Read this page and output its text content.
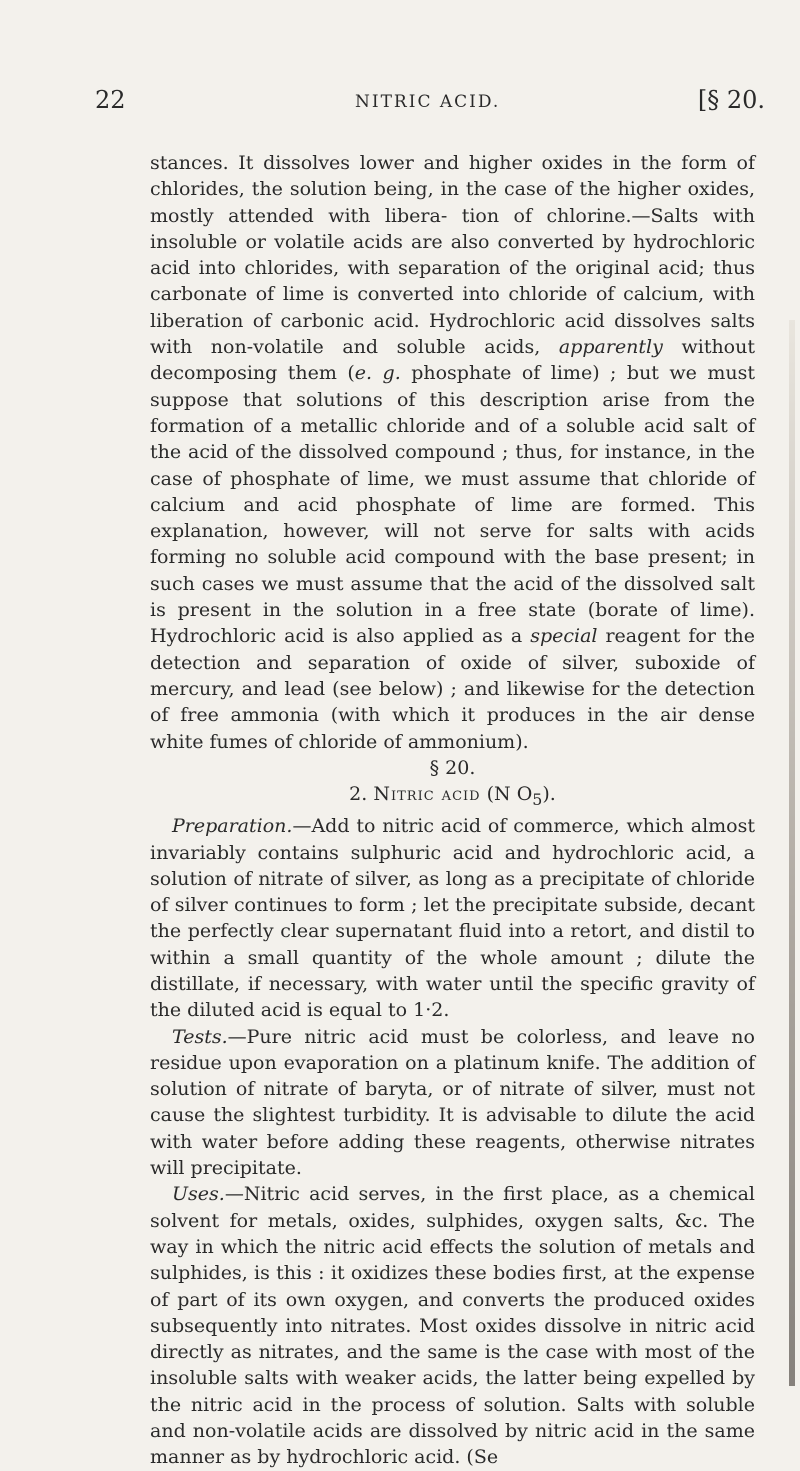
22	NITRIC ACID.	[§ 20.

stances. It dissolves lower and higher oxides in the form of chlorides, the solution being, in the case of the higher oxides, mostly attended with libera- tion of chlorine.—Salts with insoluble or volatile acids are also converted by hydrochloric acid into chlorides, with separation of the original acid; thus carbonate of lime is converted into chloride of calcium, with liberation of carbonic acid. Hydrochloric acid dissolves salts with non-volatile and soluble acids, apparently without decomposing them (e. g. phosphate of lime) ; but we must suppose that solutions of this description arise from the formation of a metallic chloride and of a soluble acid salt of the acid of the dissolved compound ; thus, for instance, in the case of phosphate of lime, we must assume that chloride of calcium and acid phosphate of lime are formed. This explanation, however, will not serve for salts with acids forming no soluble acid compound with the base present; in such cases we must assume that the acid of the dissolved salt is present in the solution in a free state (borate of lime). Hydrochloric acid is also applied as a special reagent for the detection and separation of oxide of silver, suboxide of mercury, and lead (see below) ; and likewise for the detection of free ammonia (with which it produces in the air dense white fumes of chloride of ammonium).

§ 20.

2. Nitric acid (N $O_5$).

Preparation.—Add to nitric acid of commerce, which almost invariably contains sulphuric acid and hydrochloric acid, a solution of nitrate of silver, as long as a precipitate of chloride of silver continues to form ; let the precipitate subside, decant the perfectly clear supernatant fluid into a retort, and distil to within a small quantity of the whole amount ; dilute the distillate, if necessary, with water until the specific gravity of the diluted acid is equal to 1·2.

Tests.—Pure nitric acid must be colorless, and leave no residue upon evaporation on a platinum knife. The addition of solution of nitrate of baryta, or of nitrate of silver, must not cause the slightest turbidity. It is advisable to dilute the acid with water before adding these reagents, otherwise nitrates will precipitate.

Uses.—Nitric acid serves, in the first place, as a chemical solvent for metals, oxides, sulphides, oxygen salts, &c. The way in which the nitric acid effects the solution of metals and sulphides, is this : it oxidizes these bodies first, at the expense of part of its own oxygen, and converts the produced oxides subsequently into nitrates. Most oxides dissolve in nitric acid directly as nitrates, and the same is the case with most of the insoluble salts with weaker acids, the latter being expelled by the nitric acid in the process of solution. Salts with soluble and non-volatile acids are dissolved by nitric acid in the same manner as by hydrochloric acid. (Se
